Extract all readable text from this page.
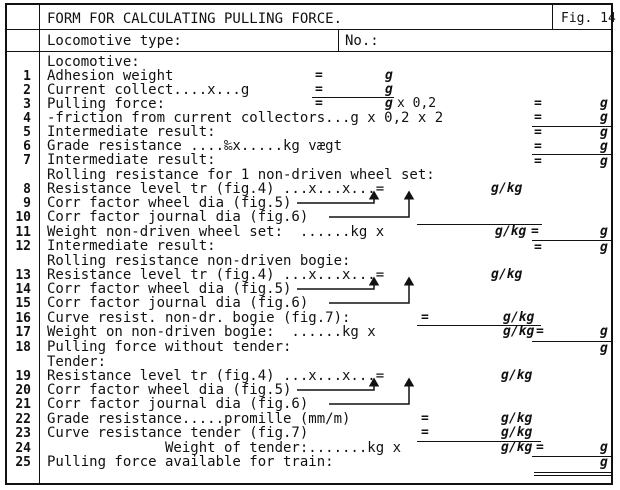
FORM FOR CALCULATING PULLING FORCE.	Fig. 14
Locomotive type:	No.:
Locomotive:
1 Adhesion weight	=	g
2 Current collect....x...g	=	g
3 Pulling force:	=	g x 0,2	=	g
4 -friction from current collectors...g x 0,2 x 2	=	g
5 Intermediate result:	=	g
6 Grade resistance ....‰x.....kg vægt	=	g
7 Intermediate result:	=	g
Rolling resistance for 1 non-driven wheel set:
8 Resistance level tr (fig.4) ...x...x...=	g/kg
9 Corr factor wheel dia (fig.5)
10 Corr factor journal dia (fig.6)
11 Weight non-driven wheel set:  ......kg x	g/kg =	g
12 Intermediate result:	=	g
Rolling resistance non-driven bogie:
13 Resistance level tr (fig.4) ...x...x...=	g/kg
14 Corr factor wheel dia (fig.5)
15 Corr factor journal dia (fig.6)
16 Curve resist. non-dr. bogie (fig.7):	=	g/kg
17 Weight on non-driven bogie:  ......kg x	g/kg =	g
18 Pulling force without tender:	g
Tender:
19 Resistance level tr (fig.4) ...x...x...=	g/kg
20 Corr factor wheel dia (fig.5)
21 Corr factor journal dia (fig.6)
22 Grade resistance.....promille (mm/m)	=	g/kg
23 Curve resistance tender (fig.7)	=	g/kg
24	Weight of tender:.......kg x	g/kg =	g
25 Pulling force available for train:	g
